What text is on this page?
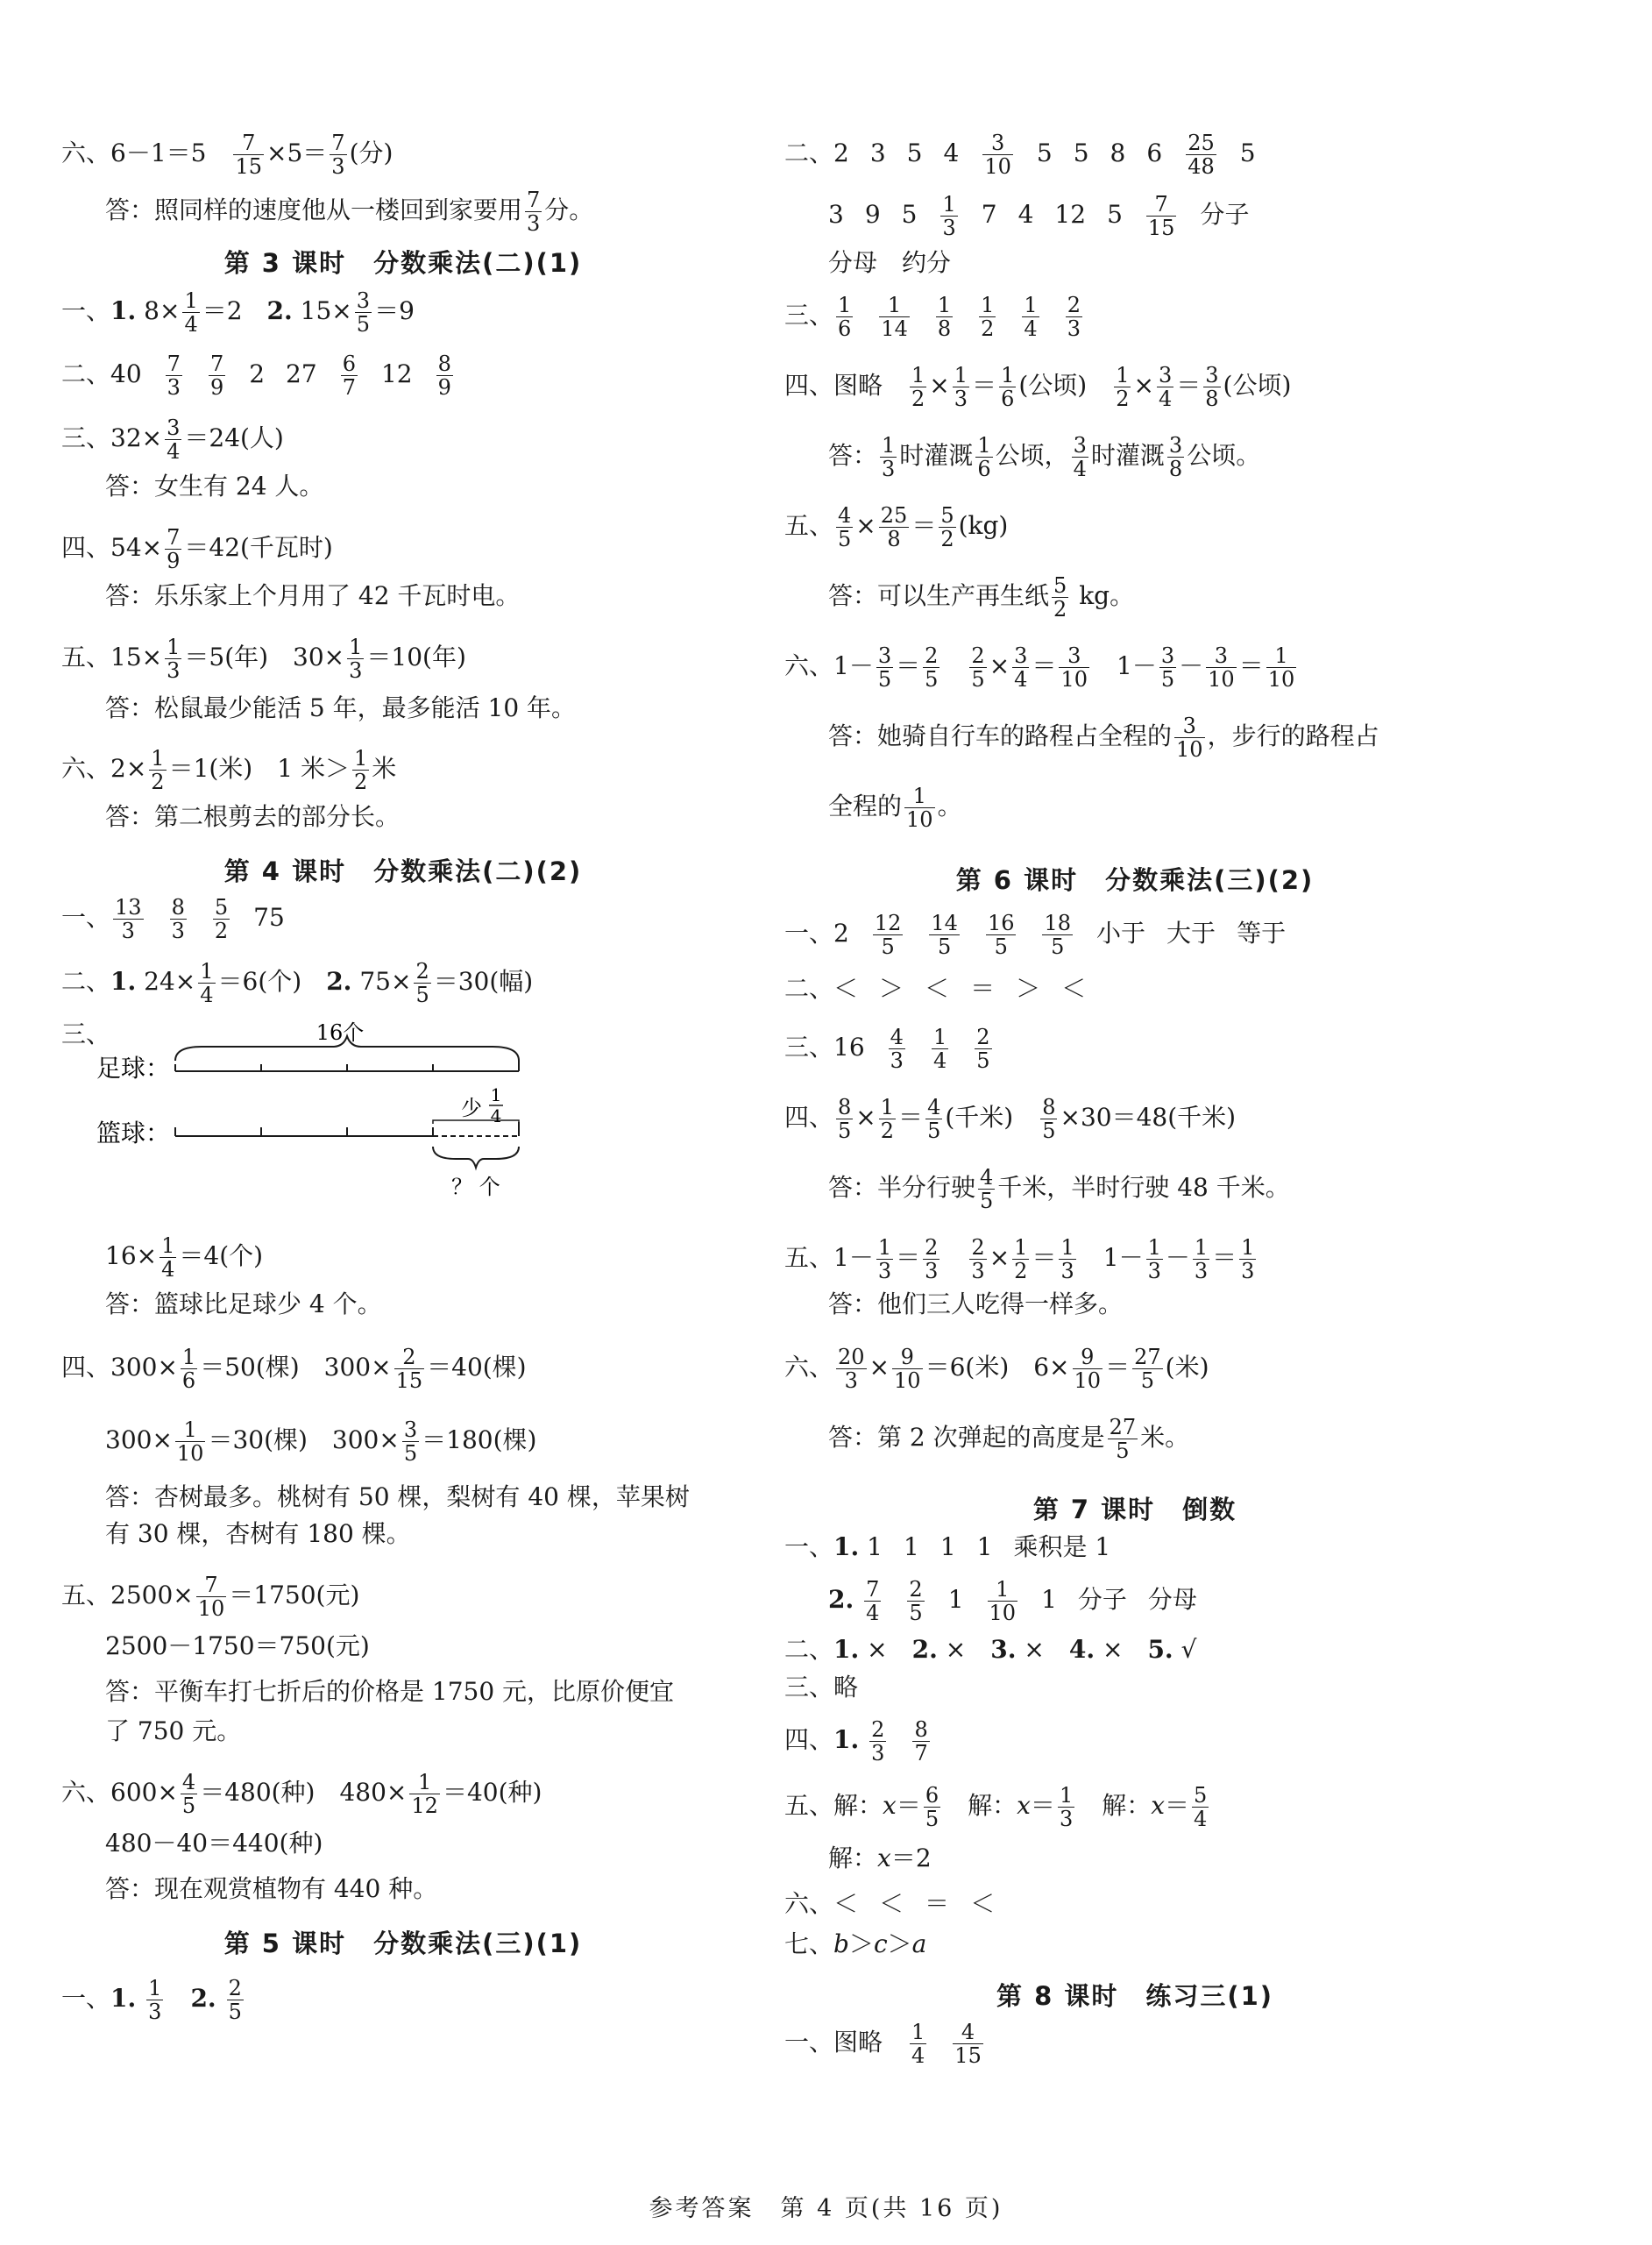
六、6－1＝5　 $\frac{7}{15} \times 5= \frac{7}{3}$ (分)
答：照同样的速度他从一楼回到家要用 $\frac{7}{3}$ 分。
第 3 课时　分数乘法(二)(1)
一、1. $8\times \frac{1}{4} =2$　2. $15\times \frac{3}{5} =9$
二、$40 \frac{7}{3} \frac{7}{9} 2$ $27 \frac{6}{7} 12 \frac{8}{9}$
三、$32\times \frac{3}{4} =24$(人)
答：女生有 24 人。
四、$54\times \frac{7}{9} =42$(千瓦时)
答：乐乐家上个月用了 42 千瓦时电。
五、$15\times \frac{1}{3} =5$(年)　$30\times \frac{1}{3} =10$(年)
答：松鼠最少能活 5 年，最多能活 10 年。
六、$2\times \frac{1}{2} =1$(米)　1 米＞ $\frac{1}{2}$ 米
答：第二根剪去的部分长。
第 4 课时　分数乘法(二)(2)
一、 $\frac{13}{3} \frac{8}{3} \frac{5}{2} 75$
二、1. $24\times \frac{1}{4} =6$(个)　2. $75\times \frac{2}{5} =30$(幅)
三、	16个
足球：
篮球：
少
1
4
？ 个
$16\times \frac{1}{4} =4$(个)
答：篮球比足球少 4 个。
四、$300\times \frac{1}{6} =50$(棵)　$300\times \frac{2}{15} =40$(棵)
$300\times \frac{1}{10} =30$(棵)　$300\times \frac{3}{5} =180$(棵)
答：杏树最多。桃树有 50 棵，梨树有 40 棵，苹果树
有 30 棵，杏树有 180 棵。
五、$2500\times \frac{7}{10} =1750$(元)
2500－1750＝750(元)
答：平衡车打七折后的价格是 1750 元，比原价便宜
了 750 元。
六、$600\times \frac{4}{5} =480$(种)　$480\times \frac{1}{12} =40$(种)
480－40＝440(种)
答：现在观赏植物有 440 种。
第 5 课时　分数乘法(三)(1)
一、1. $\frac{1}{3}$
　 2. $\frac{2}{5}$
二、2 3 5 $4 \frac{3}{10} 5$ 5 8 $6 \frac{25}{48} 5$
3 9 $5 \frac{1}{3} 7$ 4 12 $5 \frac{7}{15}$ 分子
分母　约分
三、 $\frac{1}{6} \frac{1}{14} \frac{1}{8} \frac{1}{2} \frac{1}{4} \frac{2}{3}$
四、图略　 $\frac{1}{2} \times \frac{1}{3} = \frac{1}{6}$ (公顷)　 $\frac{1}{2} \times \frac{3}{4} = \frac{3}{8}$ (公顷)
答： $\frac{1}{3}$ 时灌溉 $\frac{1}{6}$ 公顷， $\frac{3}{4}$ 时灌溉 $\frac{3}{8}$ 公顷。
五、 $\frac{4}{5} \times \frac{25}{8} = \frac{5}{2} (kg)$
答：可以生产再生纸 $\frac{5}{2}$ kg。
六、$1- \frac{3}{5} = \frac{2}{5}$
　 $\frac{2}{5} \times \frac{3}{4} = \frac{3}{10}$ 　$1- \frac{3}{5} - \frac{3}{10} = \frac{1}{10}$
答：她骑自行车的路程占全程的 $\frac{3}{10}$ ，步行的路程占
全程的 $\frac{1}{10}$ 。
第 6 课时　分数乘法(三)(2)
一、$2 \frac{12}{5} \frac{14}{5} \frac{16}{5} \frac{18}{5}$ 小于 大于 等于
二、＜ ＞ ＜ ＝ ＞ ＜
三、$16 \frac{4}{3} \frac{1}{4} \frac{2}{5}$
四、 $\frac{8}{5} \times \frac{1}{2} = \frac{4}{5}$ (千米)　 $\frac{8}{5} \times 30=48$(千米)
答：半分行驶 $\frac{4}{5}$ 千米，半时行驶 48 千米。
五、$1- \frac{1}{3} = \frac{2}{3}$
　 $\frac{2}{3} \times \frac{1}{2} = \frac{1}{3}$ 　$1- \frac{1}{3} - \frac{1}{3} = \frac{1}{3}$
答：他们三人吃得一样多。
六、 $\frac{20}{3} \times \frac{9}{10} =6$(米)　$6\times \frac{9}{10} = \frac{27}{5}$ (米)
答：第 2 次弹起的高度是 $\frac{27}{5}$ 米。
第 7 课时　倒数
一、1. 1 1 1 1 乘积是 1
2. $\frac{7}{4} \frac{2}{5} 1 \frac{1}{10} 1$ 分子 分母
二、1. ×　2. ×　3. ×　4. ×　5. √
三、略
四、1. $\frac{2}{3} \frac{8}{7}$
五、解：$x= \frac{6}{5}$ 　解：$x= \frac{1}{3}$ 　解：$x= \frac{5}{4}$
解：x＝2
六、＜ ＜ ＝ ＜
七、b＞c＞a
第 8 课时　练习三(1)
一、图略　 $\frac{1}{4} \frac{4}{15}$
参考答案　第 4 页(共 16 页)
